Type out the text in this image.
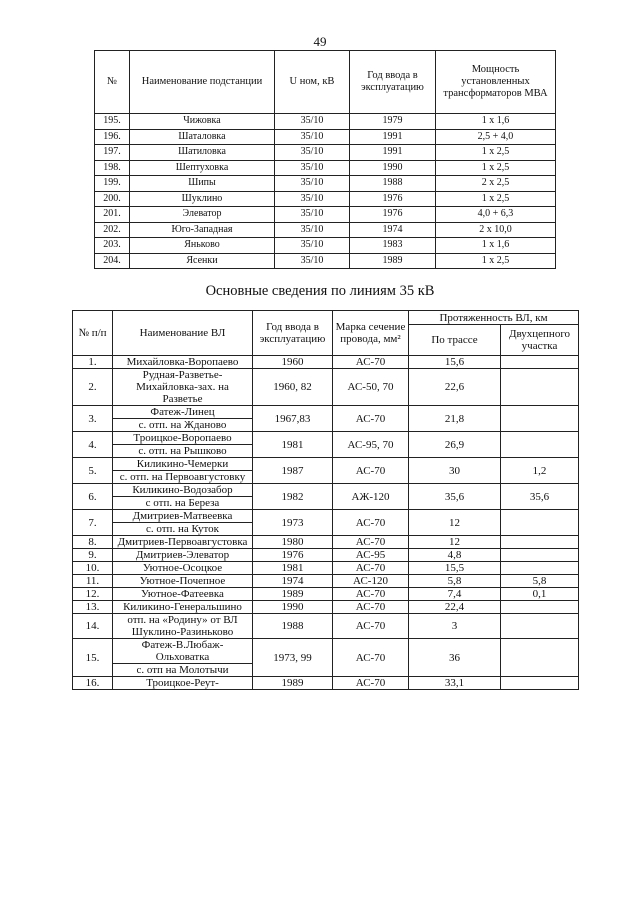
49
№	Наименование подстанции	U ном, кВ	Год ввода в эксплуатацию	Мощность установленных трансформаторов МВА
195.	Чижовка	35/10	1979	1 х 1,6
196.	Шаталовка	35/10	1991	2,5 + 4,0
197.	Шатиловка	35/10	1991	1 х 2,5
198.	Шептуховка	35/10	1990	1 х 2,5
199.	Шипы	35/10	1988	2 х 2,5
200.	Шуклино	35/10	1976	1 х 2,5
201.	Элеватор	35/10	1976	4,0 + 6,3
202.	Юго-Западная	35/10	1974	2 х 10,0
203.	Яньково	35/10	1983	1 х 1,6
204.	Ясенки	35/10	1989	1 х 2,5
Основные сведения по линиям 35 кВ
№ п/п	Наименование ВЛ	Год ввода в эксплуатацию	Марка сечение провода, мм²	Протяженность ВЛ, км	
				По трассе	Двухцепного участка
1.	Михайловка-Воропаево	1960	АС-70	15,6	
2.	Рудная-Разветье-Михайловка-зах. на Разветье	1960, 82	АС-50, 70	22,6	
3.	Фатеж-Линец	1967,83	АС-70	21,8	
	с. отп. на Жданово				
4.	Троицкое-Воропаево	1981	АС-95, 70	26,9	
	с. отп. на Рышково				
5.	Киликино-Чемерки	1987	АС-70	30	1,2
	с. отп. на Первоавгустовку				
6.	Киликино-Водозабор	1982	АЖ-120	35,6	35,6
	с отп. на Береза				
7.	Дмитриев-Матвеевка	1973	АС-70	12	
	с. отп. на Куток				
8.	Дмитриев-Первоавгустовка	1980	АС-70	12	
9.	Дмитриев-Элеватор	1976	АС-95	4,8	
10.	Уютное-Осоцкое	1981	АС-70	15,5	
11.	Уютное-Почепное	1974	АС-120	5,8	5,8
12.	Уютное-Фатеевка	1989	АС-70	7,4	0,1
13.	Киликино-Генеральшино	1990	АС-70	22,4	
14.	отп. на «Родину» от ВЛ Шуклино-Разиньково	1988	АС-70	3	
15.	Фатеж-В.Любаж-Ольховатка	1973, 99	АС-70	36	
	с. отп на Молотычи				
16.	Троицкое-Реут-	1989	АС-70	33,1	
